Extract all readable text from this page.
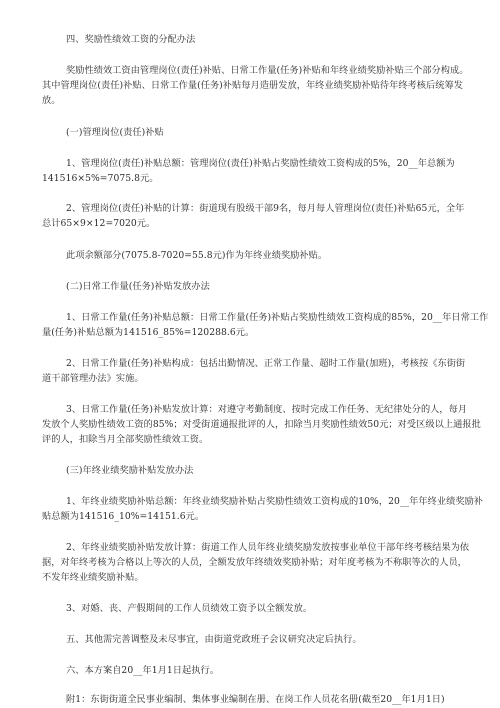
四、奖励性绩效工资的分配办法
奖励性绩效工资由管理岗位(责任)补贴、日常工作量(任务)补贴和年终业绩奖励补贴三个部分构成。
其中管理岗位(责任)补贴、日常工作量(任务)补贴每月造册发放，年终业绩奖励补贴待年终考核后统筹发
放。
(一)管理岗位(责任)补贴
1、管理岗位(责任)补贴总额：管理岗位(责任)补贴占奖励性绩效工资构成的5%，20__年总额为
141516×5%=7075.8元。
2、管理岗位(责任)补贴的计算：街道现有股级干部9名，每月每人管理岗位(责任)补贴65元，全年
总计65×9×12=7020元。
此项余额部分(7075.8-7020=55.8元)作为年终业绩奖励补贴。
(二)日常工作量(任务)补贴发放办法
1、日常工作量(任务)补贴总额：日常工作量(任务)补贴占奖励性绩效工资构成的85%，20__年日常工作
量(任务)补贴总额为141516_85%=120288.6元。
2、日常工作量(任务)补贴构成：包括出勤情况、正常工作量、超时工作量(加班)，考核按《东街街
道干部管理办法》实施。
3、日常工作量(任务)补贴发放计算：对遵守考勤制度、按时完成工作任务、无纪律处分的人，每月
发放个人奖励性绩效工资的85%；对受街道通报批评的人，扣除当月奖励性绩效50元；对受区级以上通报批
评的人，扣除当月全部奖励性绩效工资。
(三)年终业绩奖励补贴发放办法
1、年终业绩奖励补贴总额：年终业绩奖励补贴占奖励性绩效工资构成的10%，20__年年终业绩奖励补
贴总额为141516_10%=14151.6元。
2、年终业绩奖励补贴发放计算：街道工作人员年终业绩奖励发放按事业单位干部年终考核结果为依
据，对年终考核为合格以上等次的人员，全额发放年终绩效奖励补贴；对年度考核为不称职等次的人员，
不发年终业绩奖励补贴。
3、对婚、丧、产假期间的工作人员绩效工资予以全额发放。
五、其他需完善调整及未尽事宜，由街道党政班子会议研究决定后执行。
六、本方案自20__年1月1日起执行。
附1：东街街道全民事业编制、集体事业编制在册、在岗工作人员花名册(截至20__年1月1日)
